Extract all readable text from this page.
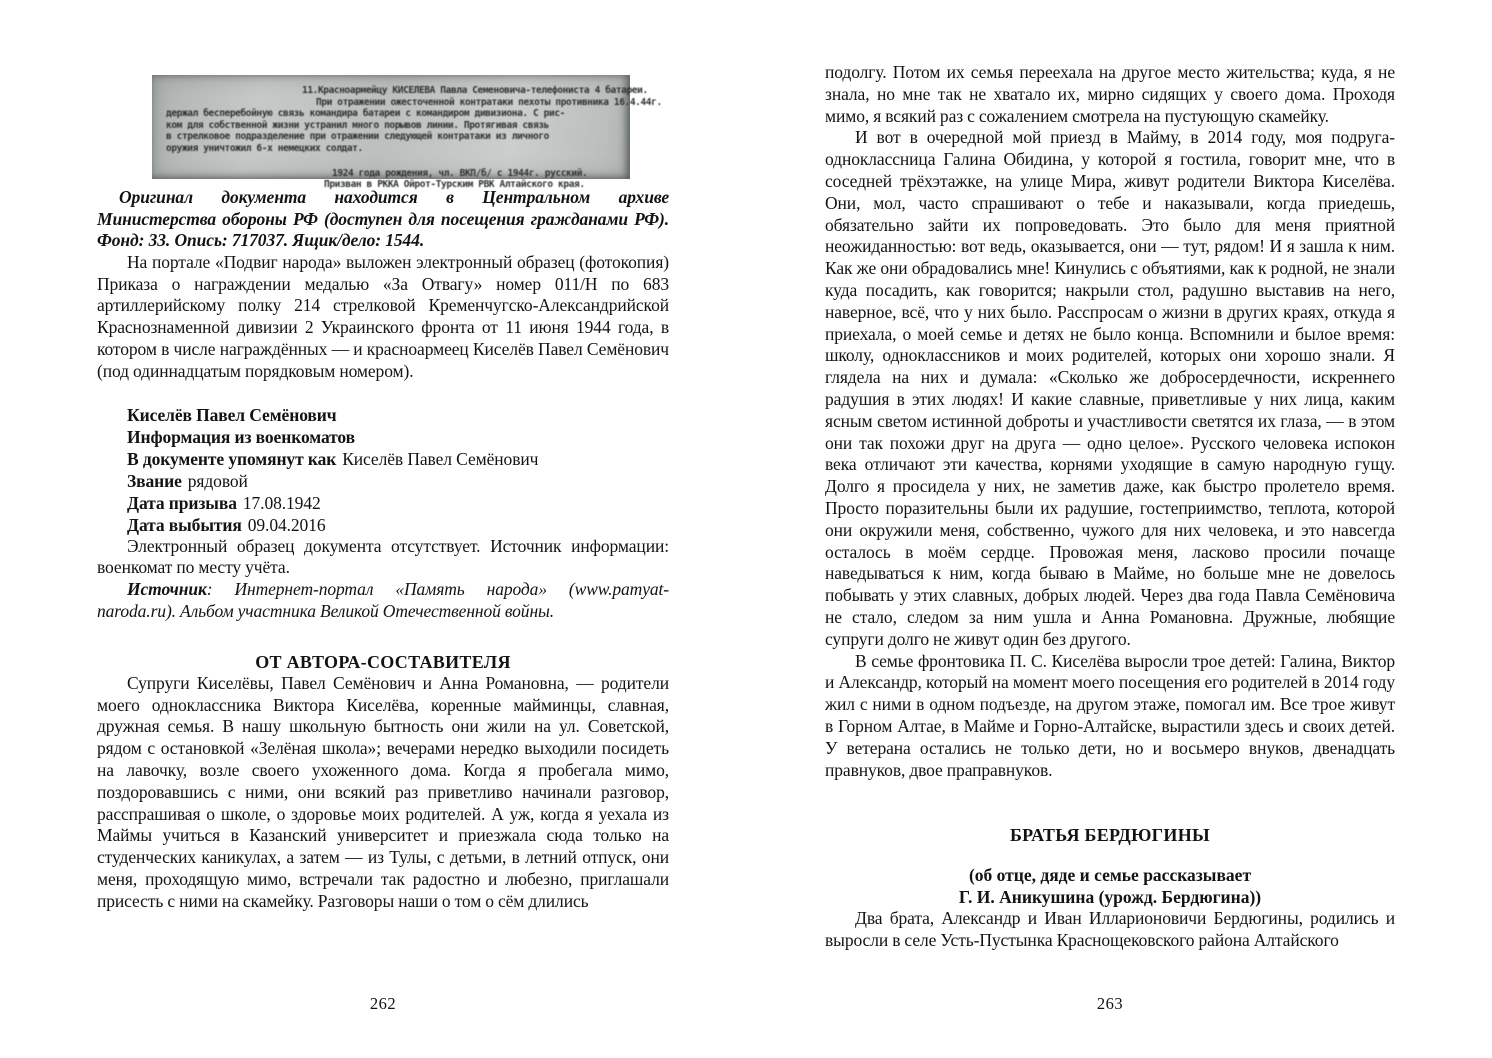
11.Красноармейцу КИСЕЛЕВА Павла Семеновича-телефониста 4 батареи.
При отражении ожесточенной контратаки пехоты противника 16.4.44г.
держал бесперебойную связь командира батареи с командиром дивизиона. С рис-
ком для собственной жизни устранил много порывов линии. Протягивая связь
в стрелковое подразделение при отражении следующей контратаки из личного
оружия уничтожил 6-х немецких солдат.
1924 года рождения, чл. ВКП/б/ с 1944г. русский.
Призван в РККА Ойрот-Турским РВК Алтайского края.

Оригинал документа находится в Центральном архиве Министерства обороны РФ (доступен для посещения гражданами РФ). Фонд: 33. Опись: 717037. Ящик/дело: 1544.

На портале «Подвиг народа» выложен электронный образец (фотокопия) Приказа о награждении медалью «За Отвагу» номер 011/Н по 683 артиллерийскому полку 214 стрелковой Кременчугско-Александрийской Краснознаменной дивизии 2 Украинского фронта от 11 июня 1944 года, в котором в числе награждённых — и красноармеец Киселёв Павел Семёнович (под одиннадцатым порядковым номером).

Киселёв Павел Семёнович
Информация из военкоматов
В документе упомянут как Киселёв Павел Семёнович
Звание рядовой
Дата призыва 17.08.1942
Дата выбытия 09.04.2016

Электронный образец документа отсутствует. Источник информации: военкомат по месту учёта.

Источник: Интернет-портал «Память народа» (www.pamyat-naroda.ru). Альбом участника Великой Отечественной войны.

ОТ АВТОРА-СОСТАВИТЕЛЯ

Супруги Киселёвы, Павел Семёнович и Анна Романовна, — родители моего одноклассника Виктора Киселёва, коренные майминцы, славная, дружная семья. В нашу школьную бытность они жили на ул. Советской, рядом с остановкой «Зелёная школа»; вечерами нередко выходили посидеть на лавочку, возле своего ухоженного дома. Когда я пробегала мимо, поздоровавшись с ними, они всякий раз приветливо начинали разговор, расспрашивая о школе, о здоровье моих родителей. А уж, когда я уехала из Маймы учиться в Казанский университет и приезжала сюда только на студенческих каникулах, а затем — из Тулы, с детьми, в летний отпуск, они меня, проходящую мимо, встречали так радостно и любезно, приглашали присесть с ними на скамейку. Разговоры наши о том о сём длились

262

подолгу. Потом их семья переехала на другое место жительства; куда, я не знала, но мне так не хватало их, мирно сидящих у своего дома. Проходя мимо, я всякий раз с сожалением смотрела на пустующую скамейку.

И вот в очередной мой приезд в Майму, в 2014 году, моя подруга-одноклассница Галина Обидина, у которой я гостила, говорит мне, что в соседней трёхэтажке, на улице Мира, живут родители Виктора Киселёва. Они, мол, часто спрашивают о тебе и наказывали, когда приедешь, обязательно зайти их попроведовать. Это было для меня приятной неожиданностью: вот ведь, оказывается, они — тут, рядом! И я зашла к ним. Как же они обрадовались мне! Кинулись с объятиями, как к родной, не знали куда посадить, как говорится; накрыли стол, радушно выставив на него, наверное, всё, что у них было. Расспросам о жизни в других краях, откуда я приехала, о моей семье и детях не было конца. Вспомнили и былое время: школу, одноклассников и моих родителей, которых они хорошо знали. Я глядела на них и думала: «Сколько же добросердечности, искреннего радушия в этих людях! И какие славные, приветливые у них лица, каким ясным светом истинной доброты и участливости светятся их глаза, — в этом они так похожи друг на друга — одно целое». Русского человека испокон века отличают эти качества, корнями уходящие в самую народную гущу. Долго я просидела у них, не заметив даже, как быстро пролетело время. Просто поразительны были их радушие, гостеприимство, теплота, которой они окружили меня, собственно, чужого для них человека, и это навсегда осталось в моём сердце. Провожая меня, ласково просили почаще наведываться к ним, когда бываю в Майме, но больше мне не довелось побывать у этих славных, добрых людей. Через два года Павла Семёновича не стало, следом за ним ушла и Анна Романовна. Дружные, любящие супруги долго не живут один без другого.

В семье фронтовика П. С. Киселёва выросли трое детей: Галина, Виктор и Александр, который на момент моего посещения его родителей в 2014 году жил с ними в одном подъезде, на другом этаже, помогал им. Все трое живут в Горном Алтае, в Майме и Горно-Алтайске, вырастили здесь и своих детей. У ветерана остались не только дети, но и восьмеро внуков, двенадцать правнуков, двое праправнуков.

БРАТЬЯ БЕРДЮГИНЫ
(об отце, дяде и семье рассказывает
Г. И. Аникушина (урожд. Бердюгина))

Два брата, Александр и Иван Илларионовичи Бердюгины, родились и выросли в селе Усть-Пустынка Краснощековского района Алтайского

263
